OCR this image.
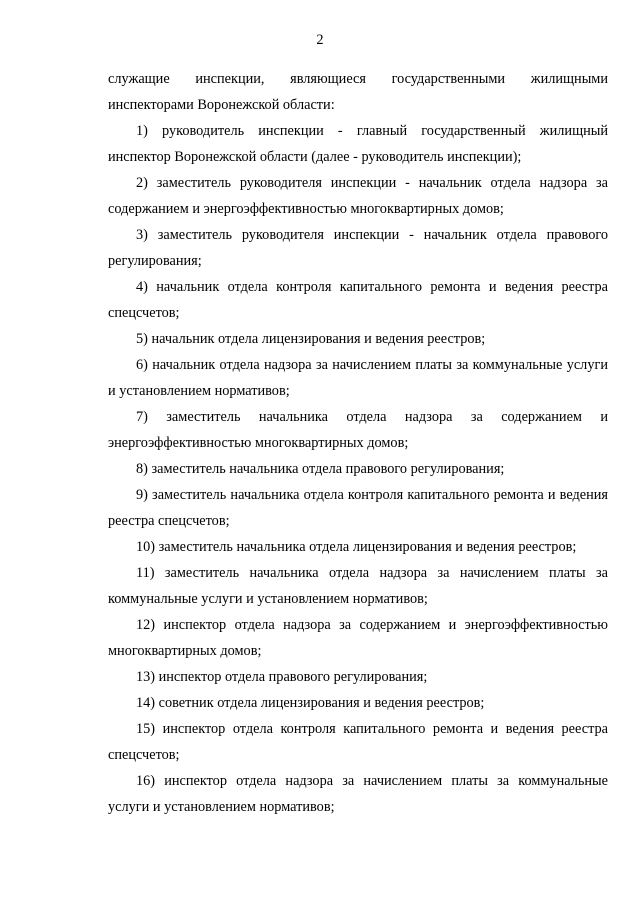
2

служащие инспекции, являющиеся государственными жилищными инспекторами Воронежской области:

1) руководитель инспекции - главный государственный жилищный инспектор Воронежской области (далее - руководитель инспекции);

2) заместитель руководителя инспекции - начальник отдела надзора за содержанием и энергоэффективностью многоквартирных домов;

3) заместитель руководителя инспекции - начальник отдела правового регулирования;

4) начальник отдела контроля капитального ремонта и ведения реестра спецсчетов;

5) начальник отдела лицензирования и ведения реестров;

6) начальник отдела надзора за начислением платы за коммунальные услуги и установлением нормативов;

7) заместитель начальника отдела надзора за содержанием и энергоэффективностью многоквартирных домов;

8) заместитель начальника отдела правового регулирования;

9) заместитель начальника отдела контроля капитального ремонта и ведения реестра спецсчетов;

10) заместитель начальника отдела лицензирования и ведения реестров;

11) заместитель начальника отдела надзора за начислением платы за коммунальные услуги и установлением нормативов;

12) инспектор отдела надзора за содержанием и энергоэффективностью многоквартирных домов;

13) инспектор отдела правового регулирования;

14) советник отдела лицензирования и ведения реестров;

15) инспектор отдела контроля капитального ремонта и ведения реестра спецсчетов;

16) инспектор отдела надзора за начислением платы за коммунальные услуги и установлением нормативов;
